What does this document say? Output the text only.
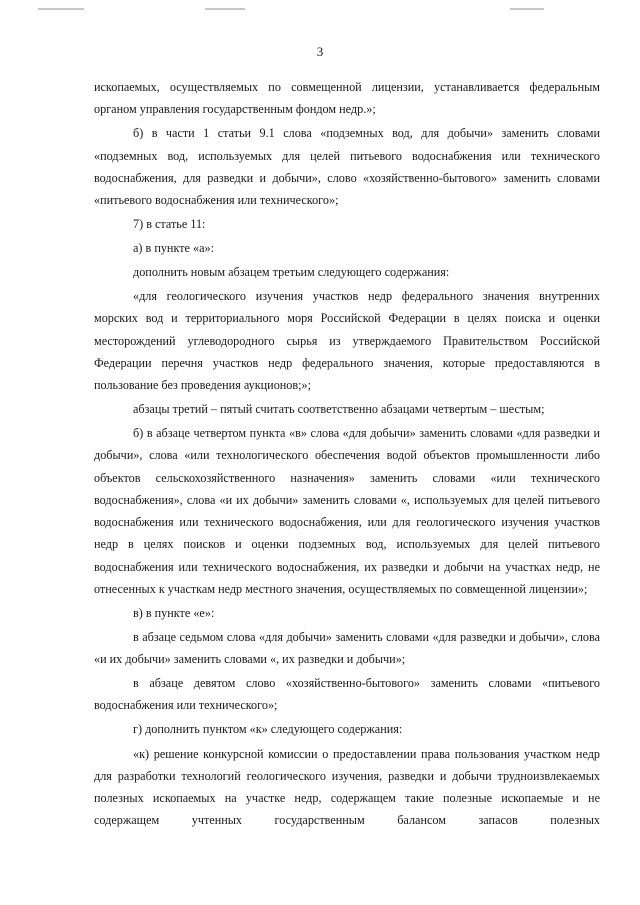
3

ископаемых, осуществляемых по совмещенной лицензии, устанавливается федеральным органом управления государственным фондом недр.»;

б) в части 1 статьи 9.1 слова «подземных вод, для добычи» заменить словами «подземных вод, используемых для целей питьевого водоснабжения или технического водоснабжения, для разведки и добычи», слово «хозяйственно-бытового» заменить словами «питьевого водоснабжения или технического»;

7) в статье 11:

а) в пункте «а»:

дополнить новым абзацем третьим следующего содержания:

«для геологического изучения участков недр федерального значения внутренних морских вод и территориального моря Российской Федерации в целях поиска и оценки месторождений углеводородного сырья из утверждаемого Правительством Российской Федерации перечня участков недр федерального значения, которые предоставляются в пользование без проведения аукционов;»;

абзацы третий – пятый считать соответственно абзацами четвертым – шестым;

б) в абзаце четвертом пункта «в» слова «для добычи» заменить словами «для разведки и добычи», слова «или технологического обеспечения водой объектов промышленности либо объектов сельскохозяйственного назначения» заменить словами «или технического водоснабжения», слова «и их добычи» заменить словами «, используемых для целей питьевого водоснабжения или технического водоснабжения, или для геологического изучения участков недр в целях поисков и оценки подземных вод, используемых для целей питьевого водоснабжения или технического водоснабжения, их разведки и добычи на участках недр, не отнесенных к участкам недр местного значения, осуществляемых по совмещенной лицензии»;

в) в пункте «е»:

в абзаце седьмом слова «для добычи» заменить словами «для разведки и добычи», слова «и их добычи» заменить словами «, их разведки и добычи»;

в абзаце девятом слово «хозяйственно-бытового» заменить словами «питьевого водоснабжения или технического»;

г) дополнить пунктом «к» следующего содержания:

«к) решение конкурсной комиссии о предоставлении права пользования участком недр для разработки технологий геологического изучения, разведки и добычи трудноизвлекаемых полезных ископаемых на участке недр, содержащем такие полезные ископаемые и не содержащем учтенных государственным балансом запасов полезных
